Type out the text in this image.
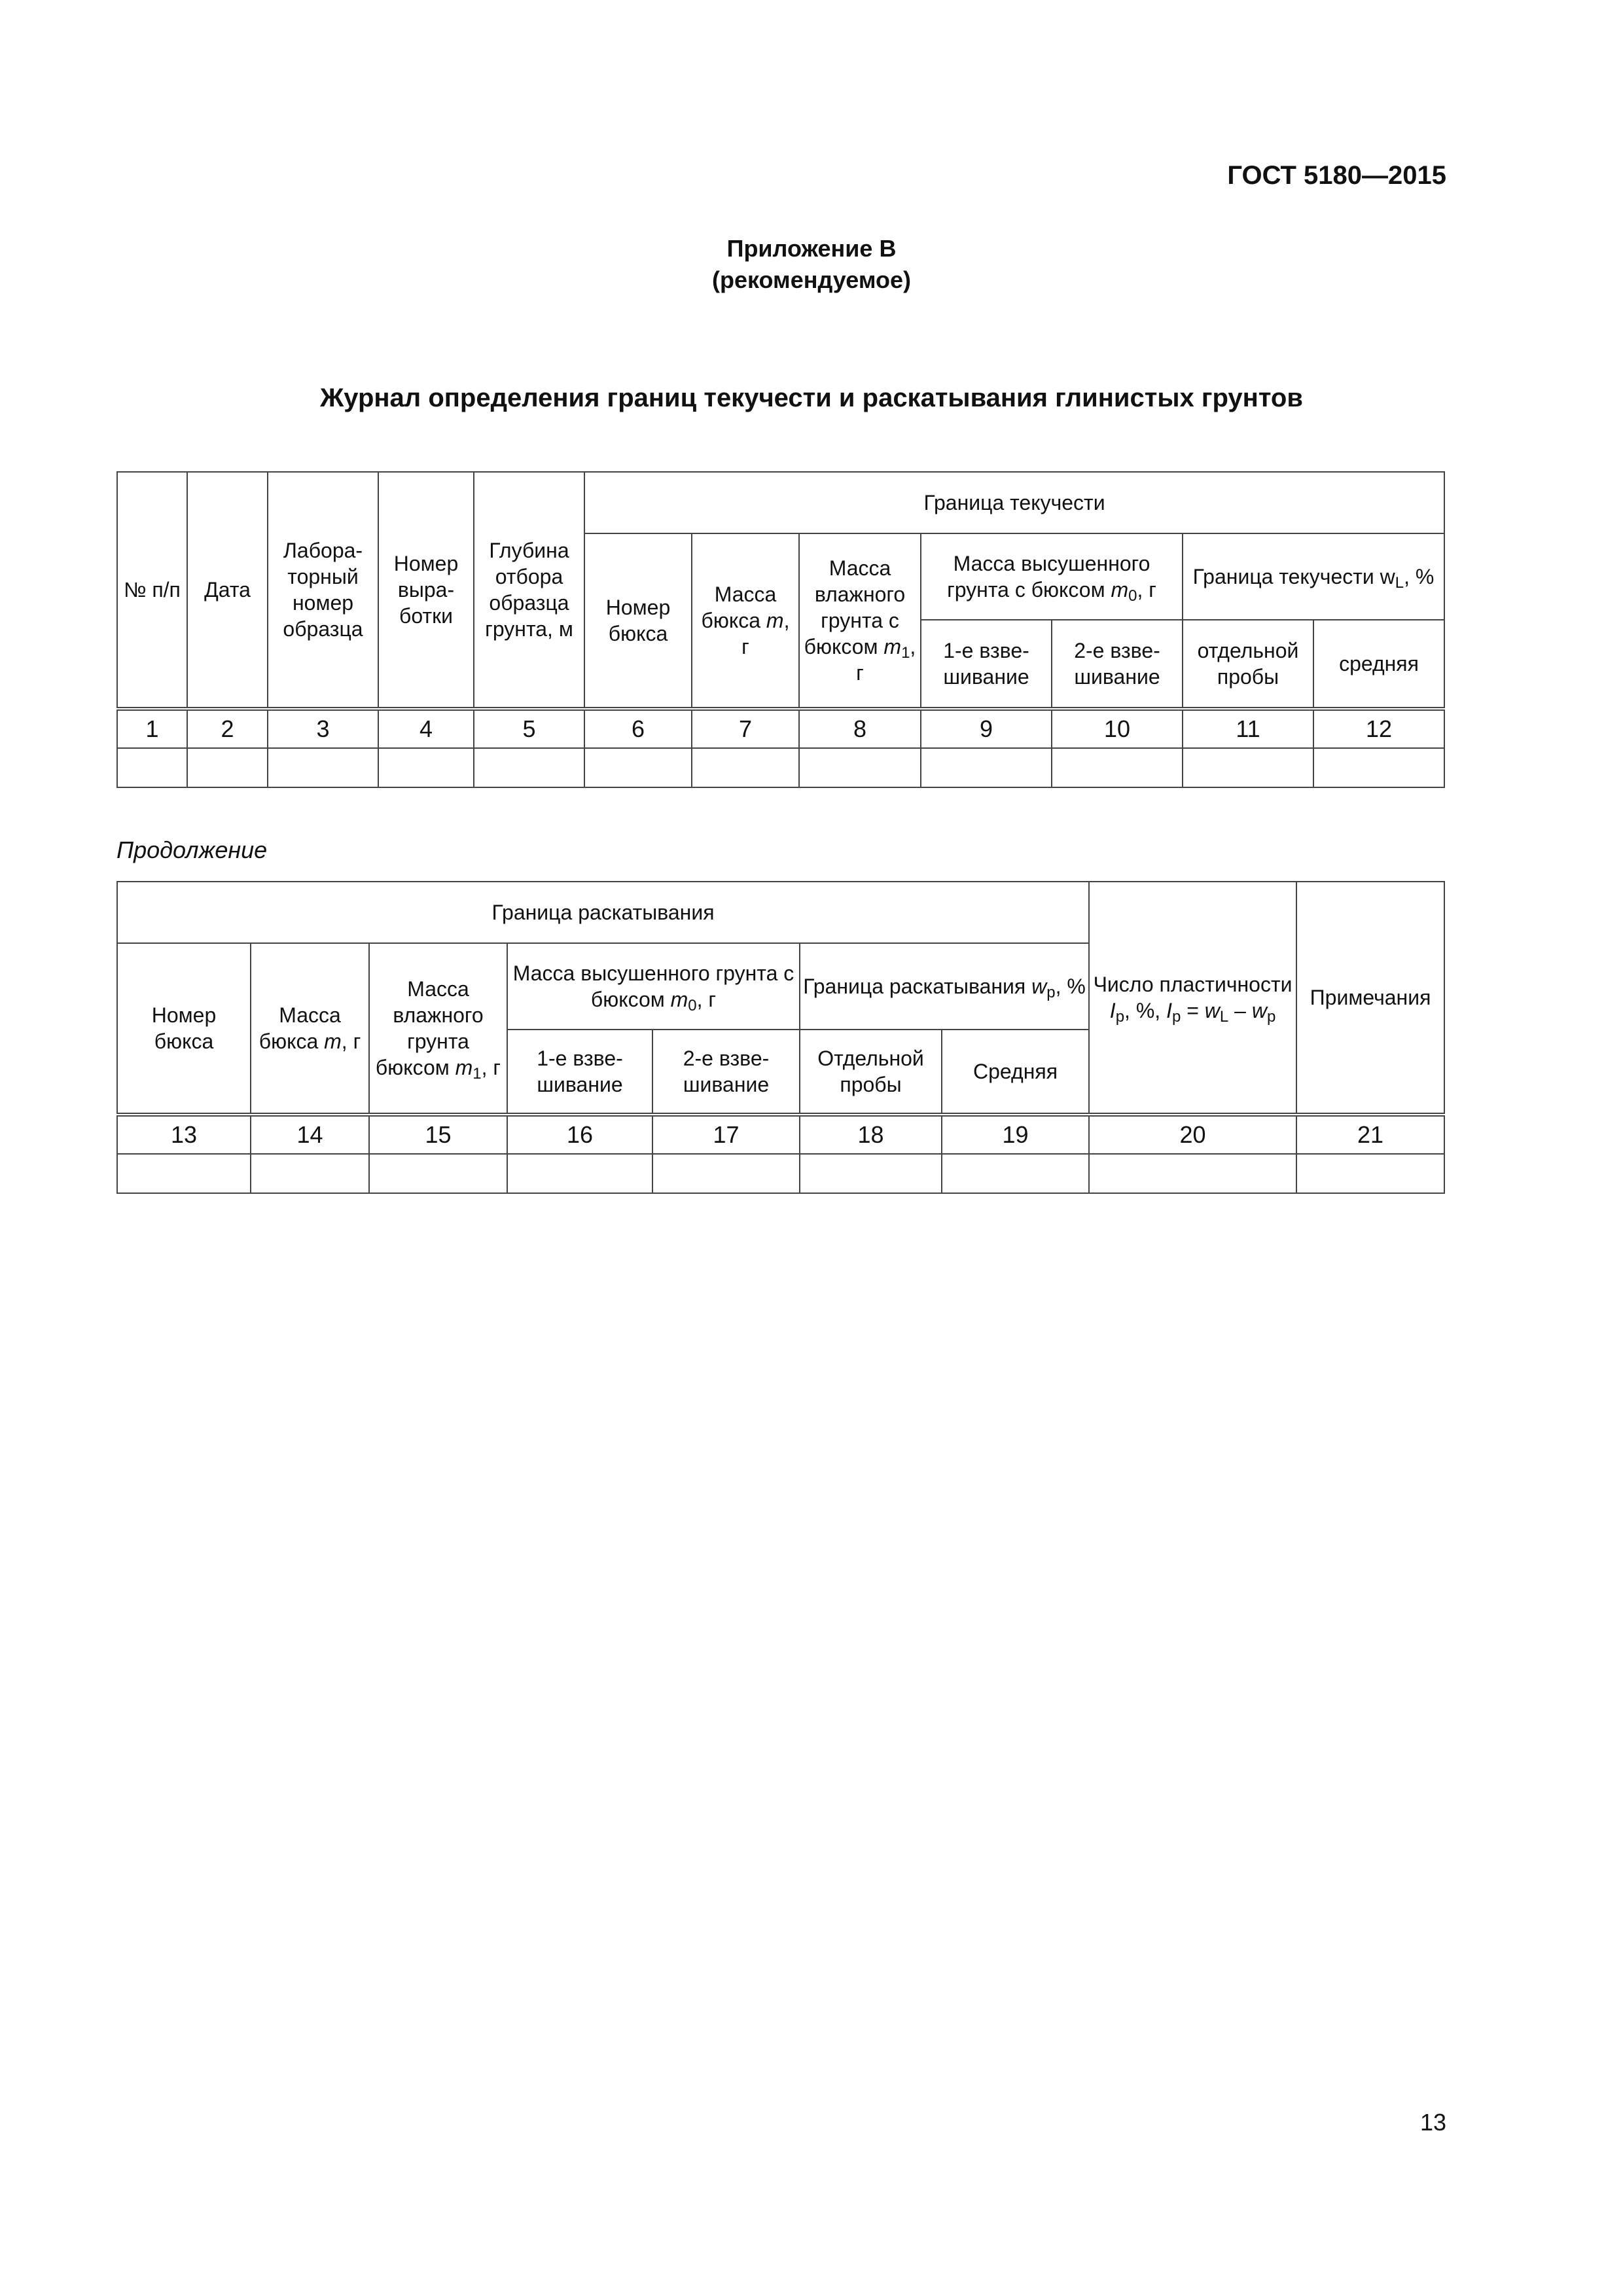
ГОСТ 5180—2015
Приложение В
(рекомендуемое)
Журнал определения границ текучести и раскатывания глинистых грунтов
№ п/п	Дата	Лабора-торный номер образца	Номер выра-ботки	Глубина отбора образца грунта, м	Граница текучести						
					Номер бюкса	Масса бюкса m, г	Масса влажного грунта с бюксом $m_1$, г	Масса высушенного грунта с бюксом $m_0$, г		Граница текучести $w_L$, %	
								1-е взве-шивание	2-е взве-шивание	отдельной пробы	средняя
1	2	3	4	5	6	7	8	9	10	11	12

Продолжение
Граница раскатывания							Число пластичности $I_p$, %, $I_p = w_L - w_p$	Примечания
Номер бюкса	Масса бюкса m, г	Масса влажного грунта бюксом $m_1$, г	Масса высушенного грунта с бюксом $m_0$, г		Граница раскатывания $w_p$, %			
			1-е взве-шивание	2-е взве-шивание	Отдельной пробы	Средняя		
13	14	15	16	17	18	19	20	21

13
